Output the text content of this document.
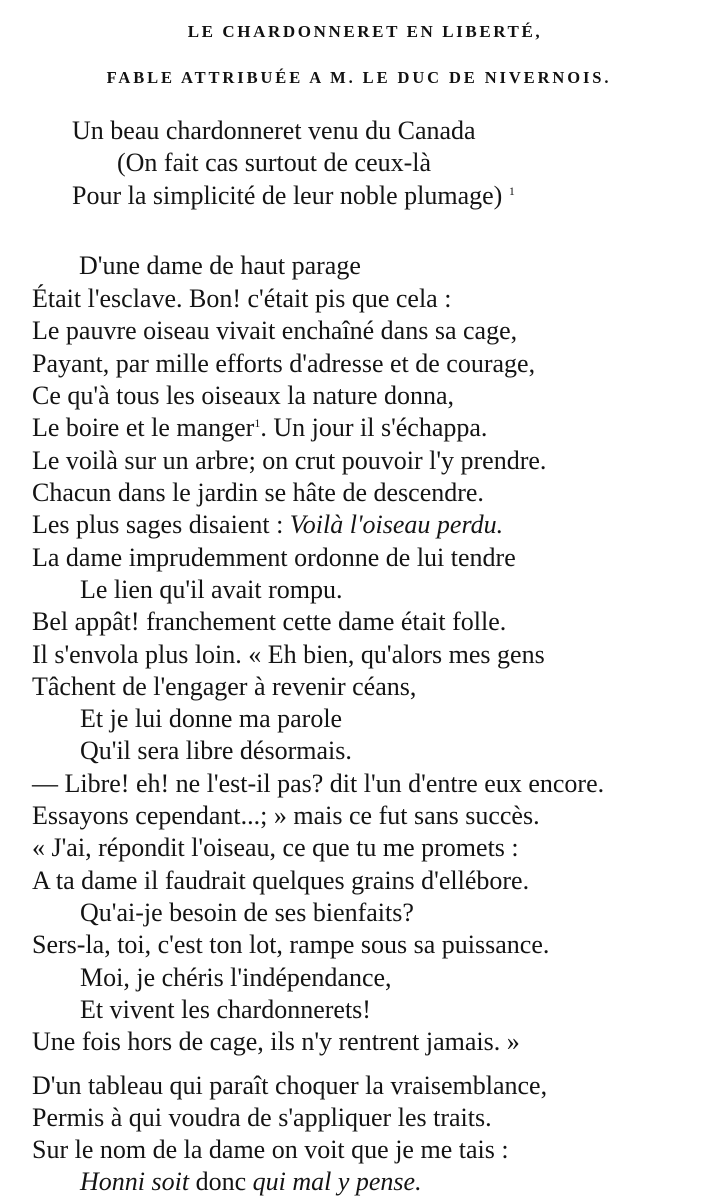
LE CHARDONNERET EN LIBERTÉ,
FABLE ATTRIBUÉE A M. LE DUC DE NIVERNOIS.
Un beau chardonneret venu du Canada
(On fait cas surtout de ceux-là
Pour la simplicité de leur noble plumage) $^1$
D'une dame de haut parage
Était l'esclave. Bon! c'était pis que cela :
Le pauvre oiseau vivait enchaîné dans sa cage,
Payant, par mille efforts d'adresse et de courage,
Ce qu'à tous les oiseaux la nature donna,
Le boire et le manger$^1$. Un jour il s'échappa.
Le voilà sur un arbre; on crut pouvoir l'y prendre.
Chacun dans le jardin se hâte de descendre.
Les plus sages disaient : Voilà l'oiseau perdu.
La dame imprudemment ordonne de lui tendre
Le lien qu'il avait rompu.
Bel appât! franchement cette dame était folle.
Il s'envola plus loin. « Eh bien, qu'alors mes gens
Tâchent de l'engager à revenir céans,
Et je lui donne ma parole
Qu'il sera libre désormais.
— Libre! eh! ne l'est-il pas? dit l'un d'entre eux encore.
Essayons cependant...; » mais ce fut sans succès.
« J'ai, répondit l'oiseau, ce que tu me promets :
A ta dame il faudrait quelques grains d'ellébore.
Qu'ai-je besoin de ses bienfaits?
Sers-la, toi, c'est ton lot, rampe sous sa puissance.
Moi, je chéris l'indépendance,
Et vivent les chardonnerets!
Une fois hors de cage, ils n'y rentrent jamais. »
D'un tableau qui paraît choquer la vraisemblance,
Permis à qui voudra de s'appliquer les traits.
Sur le nom de la dame on voit que je me tais :
Honni soit donc qui mal y pense.
